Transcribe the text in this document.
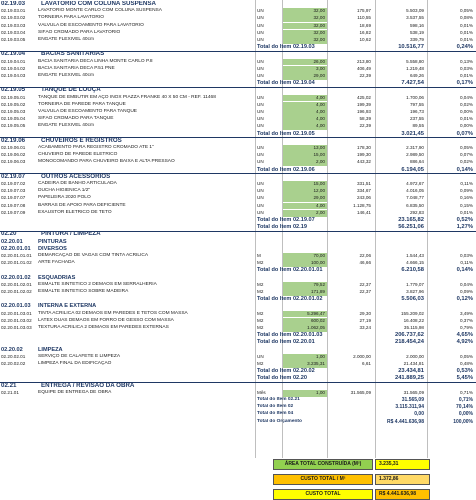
02.19.03	LAVATÓRIO COM COLUNA SUSPENSA
02.19.03.01	LAVATÓRIO MONTE CARLO COM COLUNA SUSPENSA	UN	32,00	175,97	5.503,09	0,05%
02.19.03.02	TORNEIRA PARA LAVATÓRIO	UN	32,00	110,55	3.537,55	0,08%
02.19.03.03	VÁLVULA DE ESCOAMENTO PARA LAVATÓRIO	UN	32,00	18,69	598,16	0,01%
02.19.03.04	SIFÃO CROMADO PARA LAVATÓRIO	UN	32,00	16,82	538,19	0,01%
02.19.03.05	ENGATE FLEXÍVEL 40cm	UN	32,00	10,62	339,79	0,01%
Total do Item 02.19.03	10.516,77	0,24%
02.19.04	BACIAS SANITÁRIAS
02.19.04.01	BACIA SANITÁRIA DECA LINHA MONTE CARLO P.8	UN	26,00	213,80	5.558,80	0,13%
02.19.04.02	BACIA SANITÁRIA DECA P.51 PNE	UN	3,00	406,49	1.219,48	0,03%
02.19.04.03	ENGATE FLEXÍVEL 40cm	UN	29,00	22,39	649,26	0,01%
Total do Item 02.19.04	7.427,54	0,17%
02.19.05	TANQUE DE LOUÇA
02.19.05.01	TANQUE DE EMBUTIR EM AÇO INOX PIAZZA FRANKE 40 X 50 CM - REF. 11468	UN	4,00	425,02	1.700,06	0,04%
02.19.05.02	TORNEIRA DE PAREDE PARA TANQUE	UN	4,00	199,39	797,55	0,02%
02.19.05.03	VÁLVULA DE ESCOAMENTO PARA TANQUE	UN	4,00	196,93	196,73	0,00%
02.19.05.04	SIFÃO CROMADO PARA TANQUE	UN	4,00	58,39	237,55	0,01%
02.19.05.05	ENGATE FLEXÍVEL 40cm	UN	4,00	22,39	89,55	0,00%
Total do Item 02.19.05	3.021,45	0,07%
02.19.06	CHUVEIROS E REGISTROS
02.19.06.01	ACABAMENTO PARA REGISTRO CROMADO ATÉ 1"	UN	13,00	178,30	2.317,90	0,05%
02.19.06.02	CHUVEIRO DE PAREDE ELÉTRICO	UN	15,00	199,30	2.989,50	0,07%
02.19.06.03	MONOCOMANDO PARA CHUVEIRO BAIXA E ALTA PRESSÃO	UN	2,00	443,32	886,64	0,02%
Total do Item 02.19.06	6.194,05	0,14%
02.19.07	OUTROS ACESSÓRIOS
02.19.07.02	CADEIRA DE BANHO ARTICULADA	UN	15,00	331,51	4.972,67	0,11%
02.19.07.03	DUCHA HIGIÊNICA 1/2"	UN	12,00	334,67	4.016,05	0,09%
02.19.07.07	PAPELEIRA 2020 POLO	UN	29,00	243,06	7.048,77	0,16%
02.19.07.08	BARRAS DE APOIO PARA DEFICIENTE	UN	4,00	1.128,75	6.835,50	0,15%
02.19.07.09	EXAUSTOR ELÉTRICO DE TETO	UN	2,00	146,41	292,83	0,01%
Total do Item 02.19.07	23.165,82	0,52%
Total do Item 02.19	56.251,06	1,27%
02.20	PINTURA / LIMPEZA
02.20.01	PINTURAS
02.20.01.01	DIVERSOS
02.20.01.01.01	DEMARCAÇÃO DE VAGAS COM TINTA ACRÍLICA	M	70,00	22,06	1.544,43	0,03%
02.20.01.01.02	ARTE FACHADA	M2	100,00	46,66	4.666,15	0,11%
Total do Item 02.20.01.01	6.210,58	0,14%
02.20.01.02	ESQUADRIAS
02.20.01.02.01	ESMALTE SINTÉTICO 2 DEMÃOS EM SERRALHERIA	M2	79,52	22,37	1.779,07	0,04%
02.20.01.02.02	ESMALTE SINTÉTICO SOBRE MADEIRA	M2	171,89	22,37	3.827,96	0,09%
Total do Item 02.20.01.02	5.506,03	0,12%
02.20.01.03	INTERNA E EXTERNA
02.20.01.03.01	TINTA ACRÍLICA 02 DEMÃOS EM PAREDES E TETOS COM MASSA	M2	5.296,47	29,30	155.209,02	3,49%
02.20.01.03.02	LATEX DUAS DEMAOS EM FORRO DE GESSO COM MASSA	M2	600,02	27,19	16.408,22	0,37%
02.20.01.03.03	TEXTURA ACRÍLICA 2 DEMÃOS EM PAREDES EXTERNAS	M2	1.062,05	33,24	35.115,98	0,79%
Total do Item 02.20.01.03	206.737,62	4,65%
Total do Item 02.20.01	218.454,24	4,92%
02.20.02	LIMPEZA
02.20.02.01	SERVIÇO DE CALAFETE E LIMPEZA	UN	1,00	2.000,00	2.000,00	0,05%
02.20.02.02	LIMPEZA FINAL DA EDIFICAÇÃO	M2	3.235,31	6,61	21.434,81	0,48%
Total do Item 02.20.02	23.434,81	0,53%
Total do Item 02.20	241.889,25	5,45%
02.21	ENTREGA / REVISÃO DA OBRA
02.21.01	EQUIPE DE ENTREGA DE OBRA	Mês	1,00	31.565,09	31.565,09	0,71%
Total do Item 02.21	31.565,09	0,71%
Total do Item 02	3.115.311,94	70,14%
Total do Item 04	0,00	0,00%
Total do Orçamento	R$ 4.441.636,98	100,00%
ÁREA TOTAL CONSTRUÍDA (M²)	3.235,31
CUSTO TOTAL / M²	1.372,86
CUSTO TOTAL	R$ 4.441.636,98
